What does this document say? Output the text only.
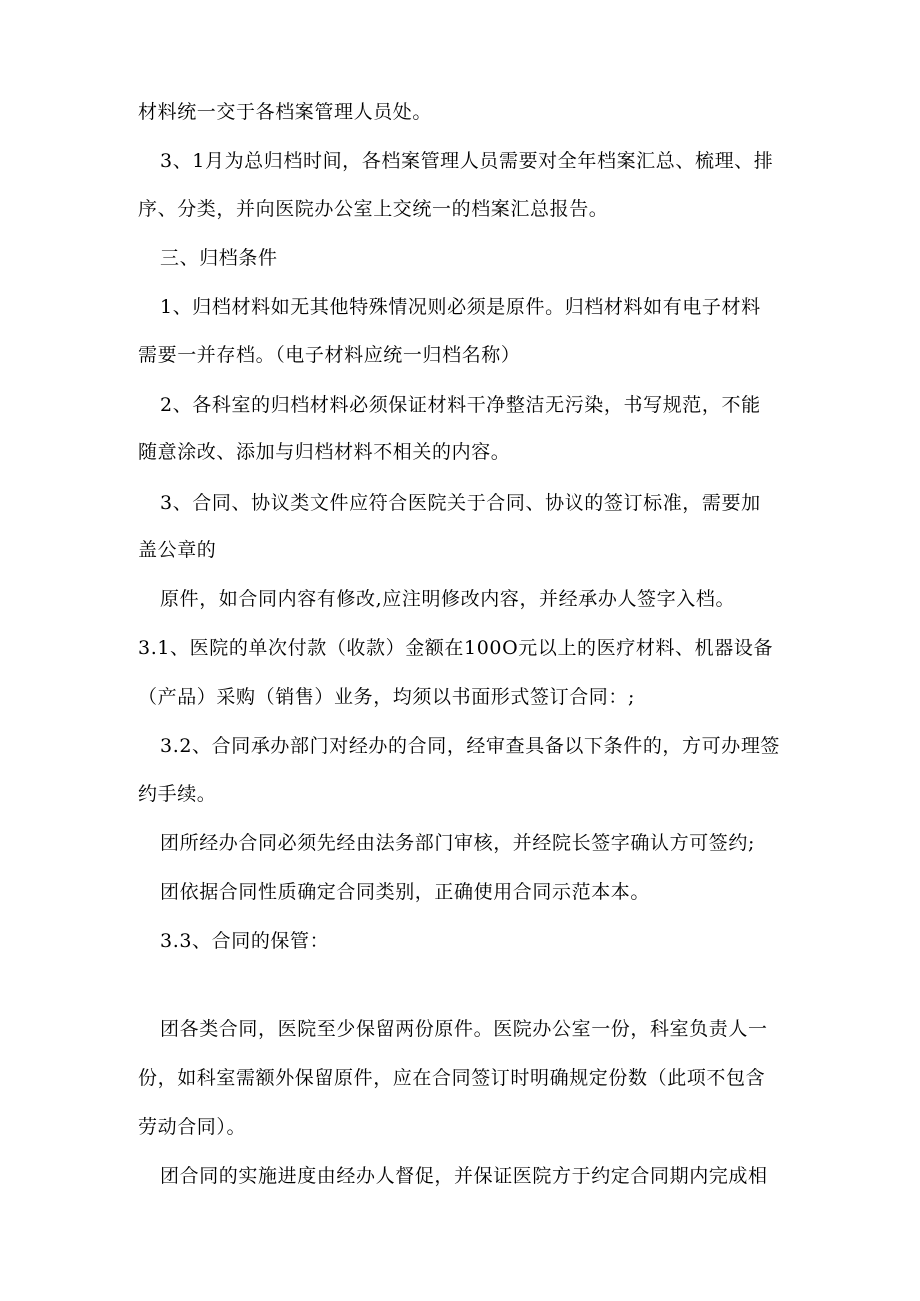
材料统一交于各档案管理人员处。
3、1月为总归档时间，各档案管理人员需要对全年档案汇总、梳理、排
序、分类，并向医院办公室上交统一的档案汇总报告。
三、归档条件
1、归档材料如无其他特殊情况则必须是原件。归档材料如有电子材料
需要一并存档。（电子材料应统一归档名称）
2、各科室的归档材料必须保证材料干净整洁无污染，书写规范，不能
随意涂改、添加与归档材料不相关的内容。
3、合同、协议类文件应符合医院关于合同、协议的签订标准，需要加
盖公章的
原件，如合同内容有修改,应注明修改内容，并经承办人签字入档。
3.1、医院的单次付款（收款）金额在100O元以上的医疗材料、机器设备
（产品）采购（销售）业务，均须以书面形式签订合同：;
3.2、合同承办部门对经办的合同，经审查具备以下条件的，方可办理签
约手续。
团所经办合同必须先经由法务部门审核，并经院长签字确认方可签约;
团依据合同性质确定合同类别，正确使用合同示范本本。
3.3、合同的保管：
团各类合同，医院至少保留两份原件。医院办公室一份，科室负责人一
份，如科室需额外保留原件，应在合同签订时明确规定份数（此项不包含
劳动合同）。
团合同的实施进度由经办人督促，并保证医院方于约定合同期内完成相
